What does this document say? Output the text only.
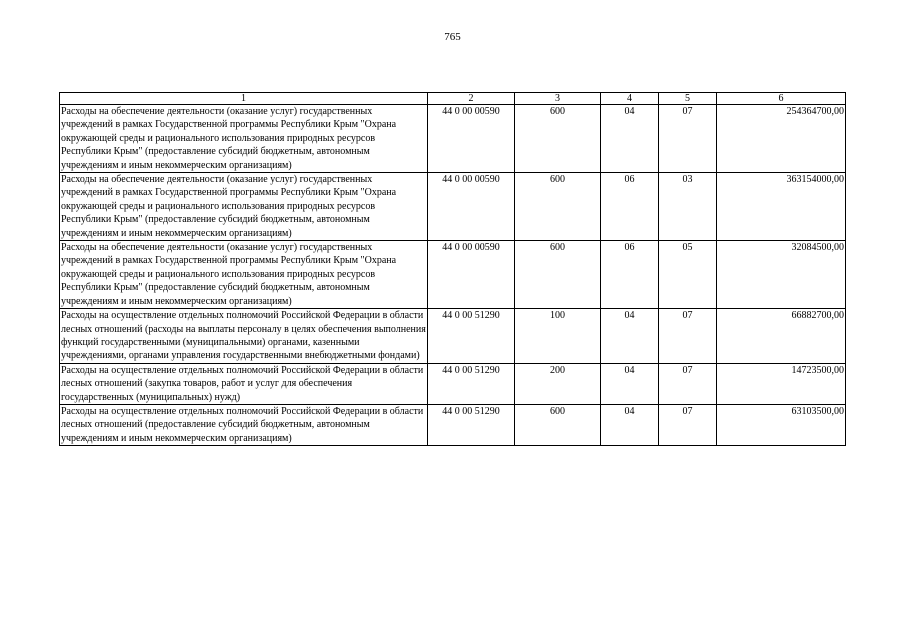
765
1	2	3	4	5	6
Расходы на обеспечение деятельности (оказание услуг) государственных учреждений в рамках Государственной программы Республики Крым "Охрана окружающей среды и рационального использования природных ресурсов Республики Крым" (предоставление субсидий бюджетным, автономным учреждениям и иным некоммерческим организациям)	44 0 00 00590	600	04	07	254364700,00
Расходы на обеспечение деятельности (оказание услуг) государственных учреждений в рамках Государственной программы Республики Крым "Охрана окружающей среды и рационального использования природных ресурсов Республики Крым" (предоставление субсидий бюджетным, автономным учреждениям и иным некоммерческим организациям)	44 0 00 00590	600	06	03	363154000,00
Расходы на обеспечение деятельности (оказание услуг) государственных учреждений в рамках Государственной программы Республики Крым "Охрана окружающей среды и рационального использования природных ресурсов Республики Крым" (предоставление субсидий бюджетным, автономным учреждениям и иным некоммерческим организациям)	44 0 00 00590	600	06	05	32084500,00
Расходы на осуществление отдельных полномочий Российской Федерации в области лесных отношений (расходы на выплаты персоналу в целях обеспечения выполнения функций государственными (муниципальными) органами, казенными учреждениями, органами управления государственными внебюджетными фондами)	44 0 00 51290	100	04	07	66882700,00
Расходы на осуществление отдельных полномочий Российской Федерации в области лесных отношений (закупка товаров, работ и услуг для обеспечения государственных (муниципальных) нужд)	44 0 00 51290	200	04	07	14723500,00
Расходы на осуществление отдельных полномочий Российской Федерации в области лесных отношений (предоставление субсидий бюджетным, автономным учреждениям и иным некоммерческим организациям)	44 0 00 51290	600	04	07	63103500,00
